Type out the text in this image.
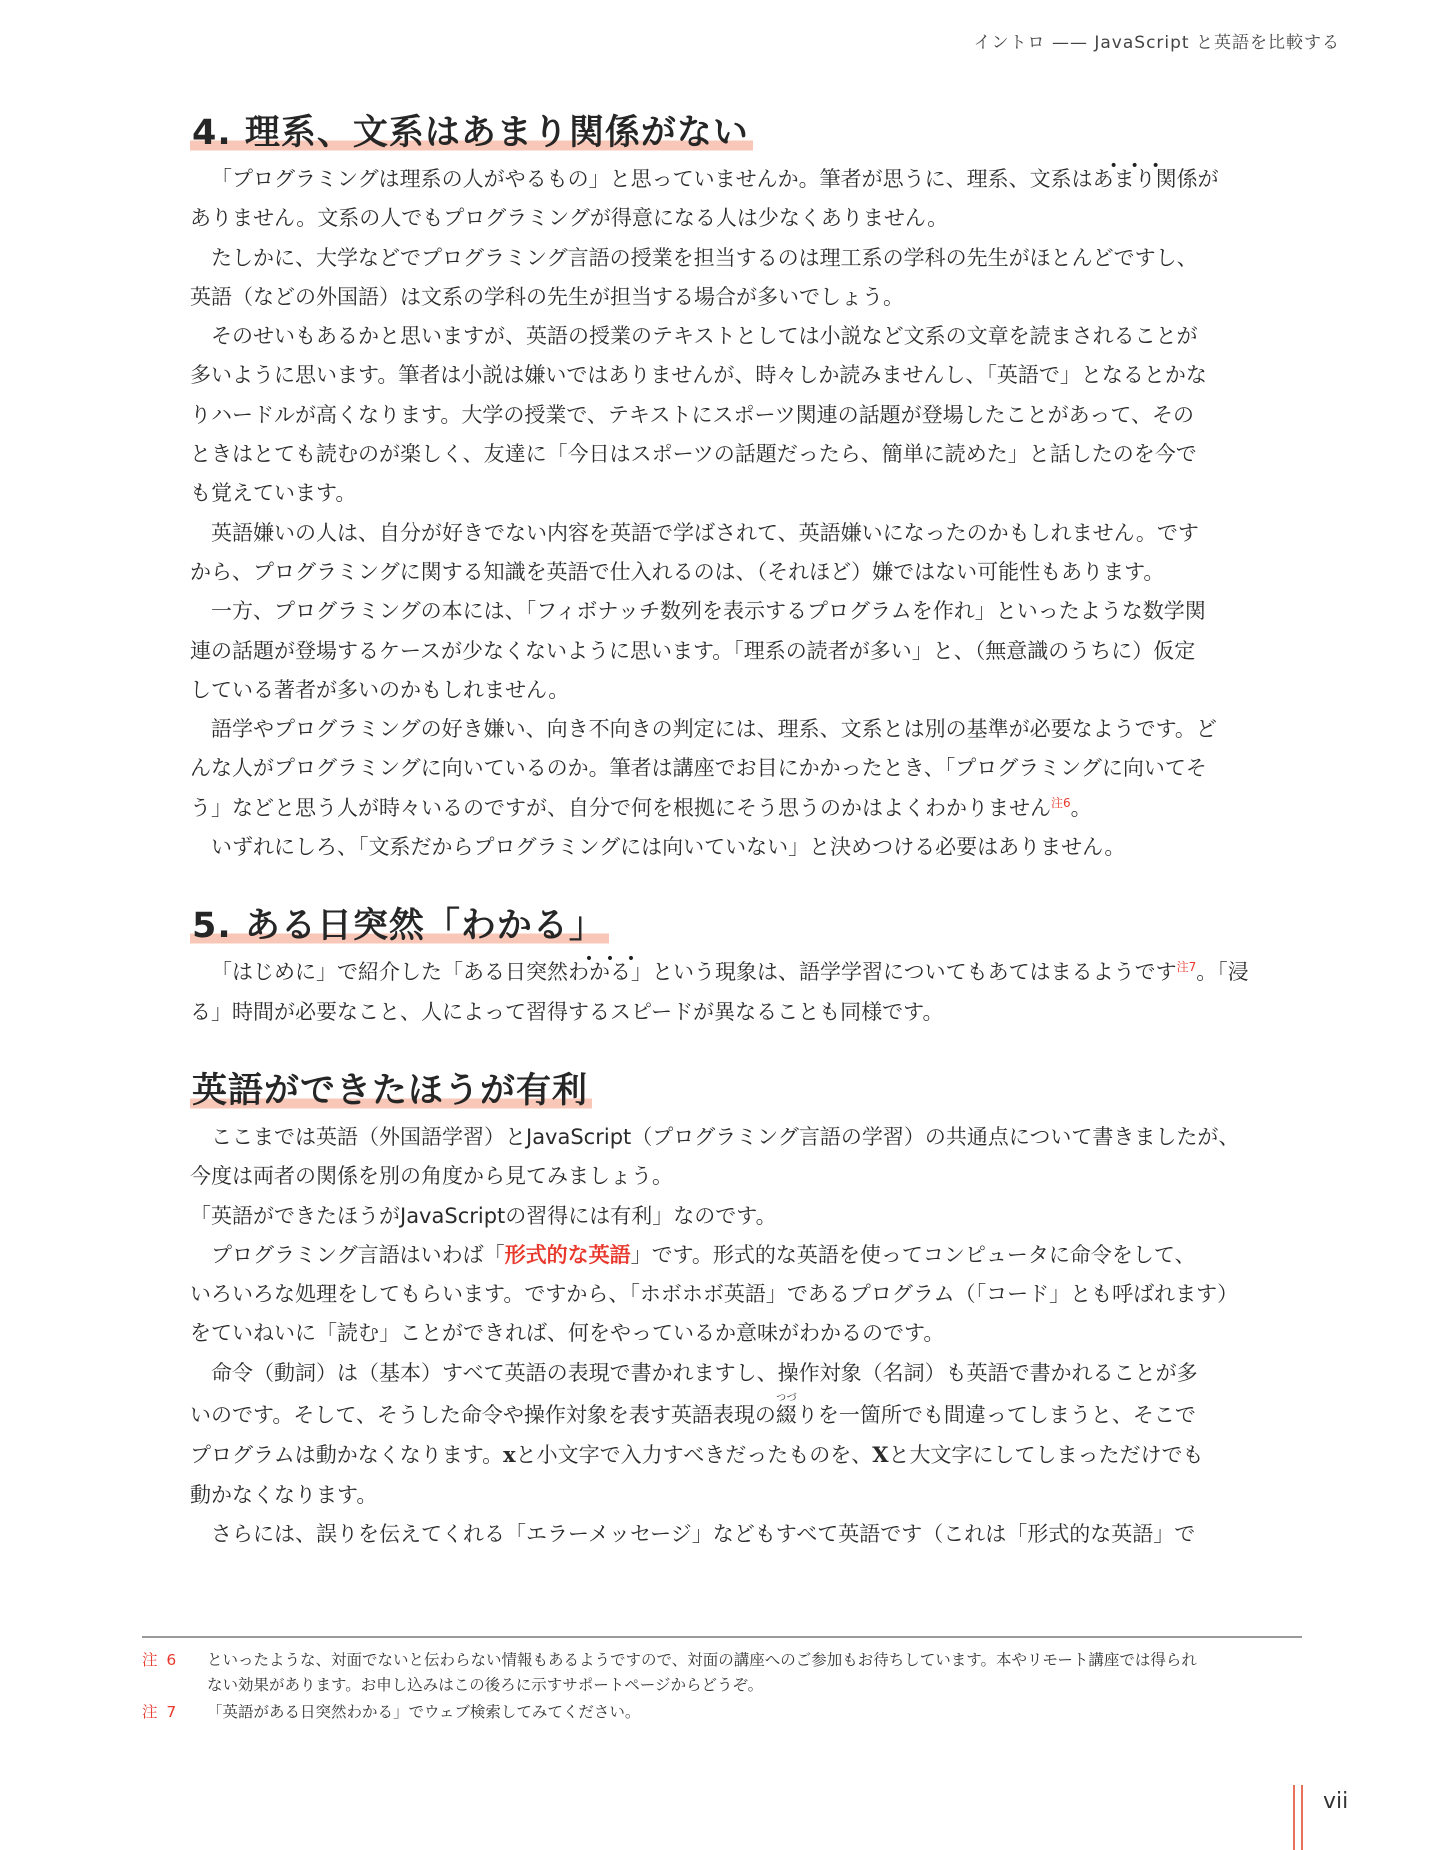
イントロ —— JavaScript と英語を比較する
4. 理系、文系はあまり関係がない

「プログラミングは理系の人がやるもの」と思っていませんか。筆者が思うに、理系、文系はあまり関係が

ありません。文系の人でもプログラミングが得意になる人は少なくありません。

たしかに、大学などでプログラミング言語の授業を担当するのは理工系の学科の先生がほとんどですし、

英語（などの外国語）は文系の学科の先生が担当する場合が多いでしょう。

そのせいもあるかと思いますが、英語の授業のテキストとしては小説など文系の文章を読まされることが

多いように思います。筆者は小説は嫌いではありませんが、時々しか読みませんし、「英語で」となるとかな

りハードルが高くなります。大学の授業で、テキストにスポーツ関連の話題が登場したことがあって、その

ときはとても読むのが楽しく、友達に「今日はスポーツの話題だったら、簡単に読めた」と話したのを今で

も覚えています。

英語嫌いの人は、自分が好きでない内容を英語で学ばされて、英語嫌いになったのかもしれません。です

から、プログラミングに関する知識を英語で仕入れるのは、（それほど）嫌ではない可能性もあります。

一方、プログラミングの本には、「フィボナッチ数列を表示するプログラムを作れ」といったような数学関

連の話題が登場するケースが少なくないように思います。「理系の読者が多い」と、（無意識のうちに）仮定

している著者が多いのかもしれません。

語学やプログラミングの好き嫌い、向き不向きの判定には、理系、文系とは別の基準が必要なようです。ど

んな人がプログラミングに向いているのか。筆者は講座でお目にかかったとき、「プログラミングに向いてそ

う」などと思う人が時々いるのですが、自分で何を根拠にそう思うのかはよくわかりません$^{注6}$。

いずれにしろ、「文系だからプログラミングには向いていない」と決めつける必要はありません。

5. ある日突然「わかる」

「はじめに」で紹介した「ある日突然わかる」という現象は、語学学習についてもあてはまるようです$^{注7}$。「浸

る」時間が必要なこと、人によって習得するスピードが異なることも同様です。

英語ができたほうが有利

ここまでは英語（外国語学習）とJavaScript（プログラミング言語の学習）の共通点について書きましたが、

今度は両者の関係を別の角度から見てみましょう。

「英語ができたほうがJavaScriptの習得には有利」なのです。

プログラミング言語はいわば「形式的な英語」です。形式的な英語を使ってコンピュータに命令をして、

いろいろな処理をしてもらいます。ですから、「ホボホボ英語」であるプログラム（「コード」とも呼ばれます）

をていねいに「読む」ことができれば、何をやっているか意味がわかるのです。

命令（動詞）は（基本）すべて英語の表現で書かれますし、操作対象（名詞）も英語で書かれることが多

いのです。そして、そうした命令や操作対象を表す英語表現の綴つづりを一箇所でも間違ってしまうと、そこで

プログラムは動かなくなります。xと小文字で入力すべきだったものを、Xと大文字にしてしまっただけでも

動かなくなります。

さらには、誤りを伝えてくれる「エラーメッセージ」などもすべて英語です（これは「形式的な英語」で

注 6	といったような、対面でないと伝わらない情報もあるようですので、対面の講座へのご参加もお待ちしています。本やリモート講座では得られ
ない効果があります。お申し込みはこの後ろに示すサポートページからどうぞ。
注 7	「英語がある日突然わかる」でウェブ検索してみてください。
vii
